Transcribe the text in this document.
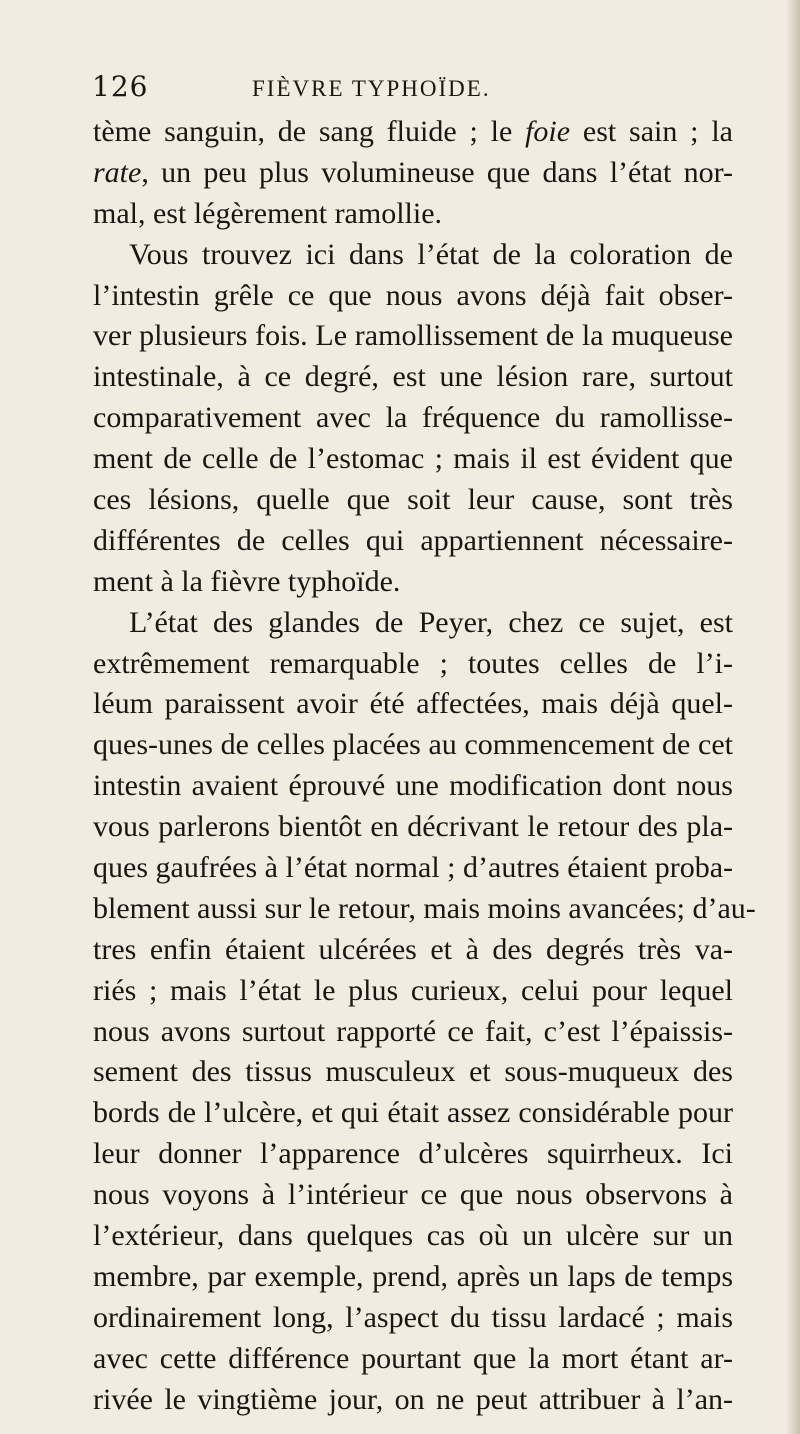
126	FIÈVRE TYPHOÏDE.
tème sanguin, de sang fluide ; le foie est sain ; la
rate, un peu plus volumineuse que dans l’état nor-
mal, est légèrement ramollie.
Vous trouvez ici dans l’état de la coloration de
l’intestin grêle ce que nous avons déjà fait obser-
ver plusieurs fois. Le ramollissement de la muqueuse
intestinale, à ce degré, est une lésion rare, surtout
comparativement avec la fréquence du ramollisse-
ment de celle de l’estomac ; mais il est évident que
ces lésions, quelle que soit leur cause, sont très
différentes de celles qui appartiennent nécessaire-
ment à la fièvre typhoïde.
L’état des glandes de Peyer, chez ce sujet, est
extrêmement remarquable ; toutes celles de l’i-
léum paraissent avoir été affectées, mais déjà quel-
ques-unes de celles placées au commencement de cet
intestin avaient éprouvé une modification dont nous
vous parlerons bientôt en décrivant le retour des pla-
ques gaufrées à l’état normal ; d’autres étaient proba-
blement aussi sur le retour, mais moins avancées; d’au-
tres enfin étaient ulcérées et à des degrés très va-
riés ; mais l’état le plus curieux, celui pour lequel
nous avons surtout rapporté ce fait, c’est l’épaissis-
sement des tissus musculeux et sous-muqueux des
bords de l’ulcère, et qui était assez considérable pour
leur donner l’apparence d’ulcères squirrheux. Ici
nous voyons à l’intérieur ce que nous observons à
l’extérieur, dans quelques cas où un ulcère sur un
membre, par exemple, prend, après un laps de temps
ordinairement long, l’aspect du tissu lardacé ; mais
avec cette différence pourtant que la mort étant ar-
rivée le vingtième jour, on ne peut attribuer à l’an-
